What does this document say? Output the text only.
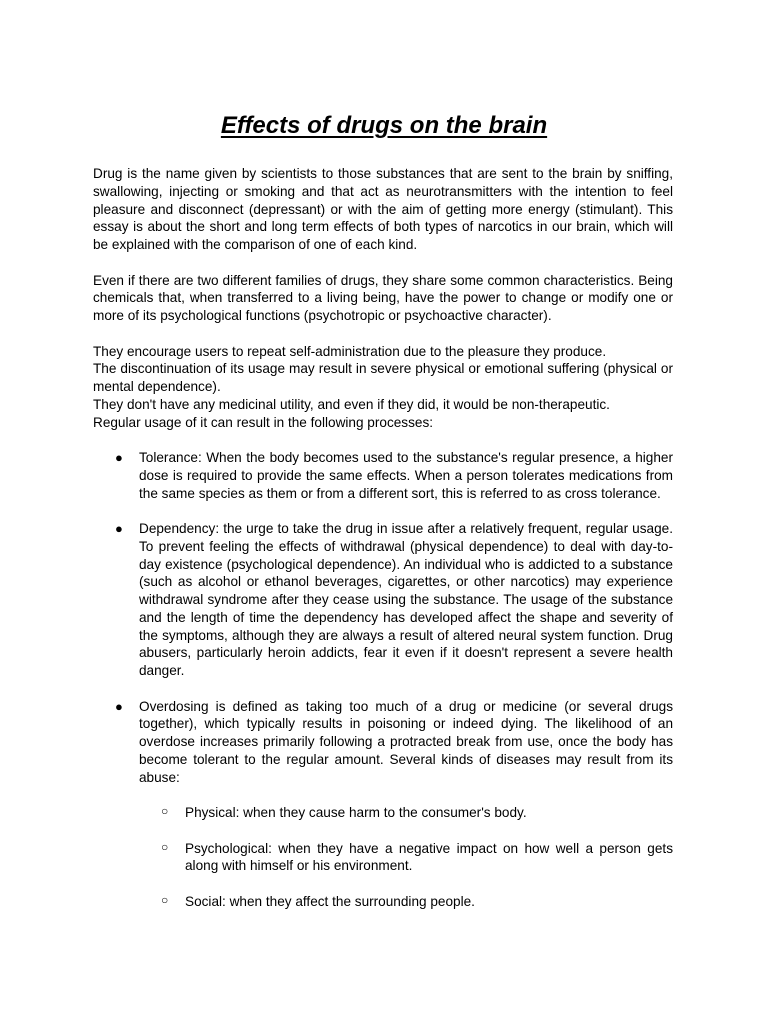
Effects of drugs on the brain

Drug is the name given by scientists to those substances that are sent to the brain by sniffing, swallowing, injecting or smoking and that act as neurotransmitters with the intention to feel pleasure and disconnect (depressant) or with the aim of getting more energy (stimulant). This essay is about the short and long term effects of both types of narcotics in our brain, which will be explained with the comparison of one of each kind.

Even if there are two different families of drugs, they share some common characteristics. Being chemicals that, when transferred to a living being, have the power to change or modify one or more of its psychological functions (psychotropic or psychoactive character).

They encourage users to repeat self-administration due to the pleasure they produce.

The discontinuation of its usage may result in severe physical or emotional suffering (physical or mental dependence).

They don't have any medicinal utility, and even if they did, it would be non-therapeutic.

Regular usage of it can result in the following processes:

● Tolerance: When the body becomes used to the substance's regular presence, a higher dose is required to provide the same effects. When a person tolerates medications from the same species as them or from a different sort, this is referred to as cross tolerance.
● Dependency: the urge to take the drug in issue after a relatively frequent, regular usage. To prevent feeling the effects of withdrawal (physical dependence) to deal with day-to-day existence (psychological dependence). An individual who is addicted to a substance (such as alcohol or ethanol beverages, cigarettes, or other narcotics) may experience withdrawal syndrome after they cease using the substance. The usage of the substance and the length of time the dependency has developed affect the shape and severity of the symptoms, although they are always a result of altered neural system function. Drug abusers, particularly heroin addicts, fear it even if it doesn't represent a severe health danger.
● Overdosing is defined as taking too much of a drug or medicine (or several drugs together), which typically results in poisoning or indeed dying. The likelihood of an overdose increases primarily following a protracted break from use, once the body has become tolerant to the regular amount. Several kinds of diseases may result from its abuse:
○ Physical: when they cause harm to the consumer's body.
○ Psychological: when they have a negative impact on how well a person gets along with himself or his environment.
○ Social: when they affect the surrounding people.
